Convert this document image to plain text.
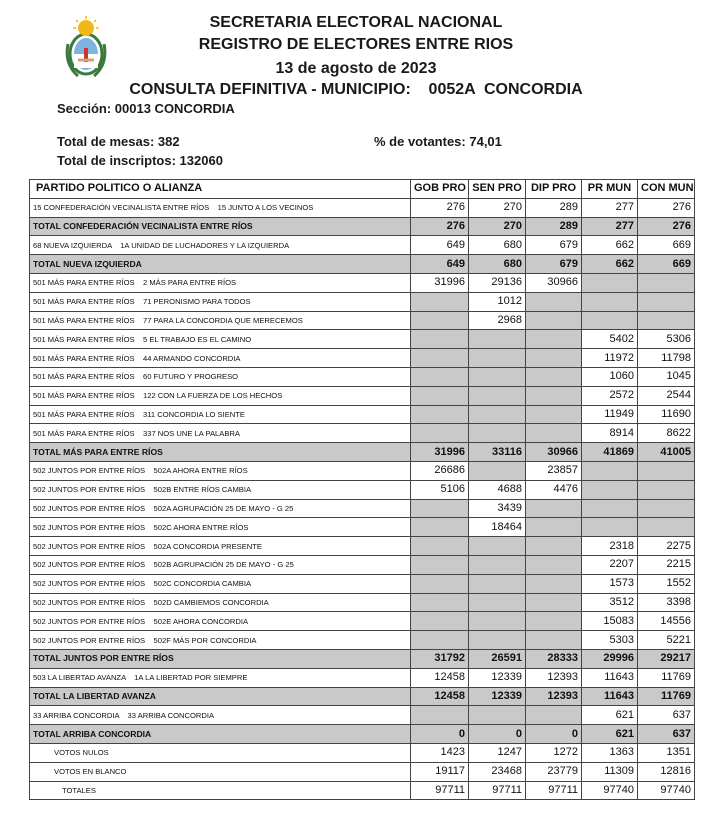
SECRETARIA ELECTORAL NACIONAL
REGISTRO DE ELECTORES ENTRE RIOS
13 de agosto de 2023
CONSULTA DEFINITIVA - MUNICIPIO:    0052A  CONCORDIA
Sección: 00013 CONCORDIA
Total de mesas: 382	% de votantes: 74,01
Total de inscriptos: 132060
PARTIDO POLITICO O ALIANZA	GOB PRO	SEN PRO	DIP PRO	PR MUN	CON MUN
15 CONFEDERACIÓN VECINALISTA ENTRE RÍOS    15 JUNTO A LOS VECINOS	276	270	289	277	276
TOTAL CONFEDERACIÓN VECINALISTA ENTRE RÍOS	276	270	289	277	276
68 NUEVA IZQUIERDA    1A UNIDAD DE LUCHADORES Y LA IZQUIERDA	649	680	679	662	669
TOTAL NUEVA IZQUIERDA	649	680	679	662	669
501 MÁS PARA ENTRE RÍOS    2 MÁS PARA ENTRE RÍOS	31996	29136	30966		
501 MÁS PARA ENTRE RÍOS    71 PERONISMO PARA TODOS		1012			
501 MÁS PARA ENTRE RÍOS    77 PARA LA CONCORDIA QUE MERECEMOS		2968			
501 MÁS PARA ENTRE RÍOS    5 EL TRABAJO ES EL CAMINO				5402	5306
501 MÁS PARA ENTRE RÍOS    44 ARMANDO CONCORDIA				11972	11798
501 MÁS PARA ENTRE RÍOS    60 FUTURO Y PROGRESO				1060	1045
501 MÁS PARA ENTRE RÍOS    122 CON LA FUERZA DE LOS HECHOS				2572	2544
501 MÁS PARA ENTRE RÍOS    311 CONCORDIA LO SIENTE				11949	11690
501 MÁS PARA ENTRE RÍOS    337 NOS UNE LA PALABRA				8914	8622
TOTAL MÁS PARA ENTRE RÍOS	31996	33116	30966	41869	41005
502 JUNTOS POR ENTRE RÍOS    502A AHORA ENTRE RÍOS	26686		23857		
502 JUNTOS POR ENTRE RÍOS    502B ENTRE RÍOS CAMBIA	5106	4688	4476		
502 JUNTOS POR ENTRE RÍOS    502A AGRUPACIÓN 25 DE MAYO - G 25		3439			
502 JUNTOS POR ENTRE RÍOS    502C AHORA ENTRE RÍOS		18464			
502 JUNTOS POR ENTRE RÍOS    502A CONCORDIA PRESENTE				2318	2275
502 JUNTOS POR ENTRE RÍOS    502B AGRUPACIÓN 25 DE MAYO - G 25				2207	2215
502 JUNTOS POR ENTRE RÍOS    502C CONCORDIA CAMBIA				1573	1552
502 JUNTOS POR ENTRE RÍOS    502D CAMBIEMOS CONCORDIA				3512	3398
502 JUNTOS POR ENTRE RÍOS    502E AHORA CONCORDIA				15083	14556
502 JUNTOS POR ENTRE RÍOS    502F MÁS POR CONCORDIA				5303	5221
TOTAL JUNTOS POR ENTRE RÍOS	31792	26591	28333	29996	29217
503 LA LIBERTAD AVANZA    1A LA LIBERTAD POR SIEMPRE	12458	12339	12393	11643	11769
TOTAL LA LIBERTAD AVANZA	12458	12339	12393	11643	11769
33 ARRIBA CONCORDIA    33 ARRIBA CONCORDIA				621	637
TOTAL ARRIBA CONCORDIA	0	0	0	621	637
VOTOS NULOS	1423	1247	1272	1363	1351
VOTOS EN BLANCO	19117	23468	23779	11309	12816
TOTALES	97711	97711	97711	97740	97740
